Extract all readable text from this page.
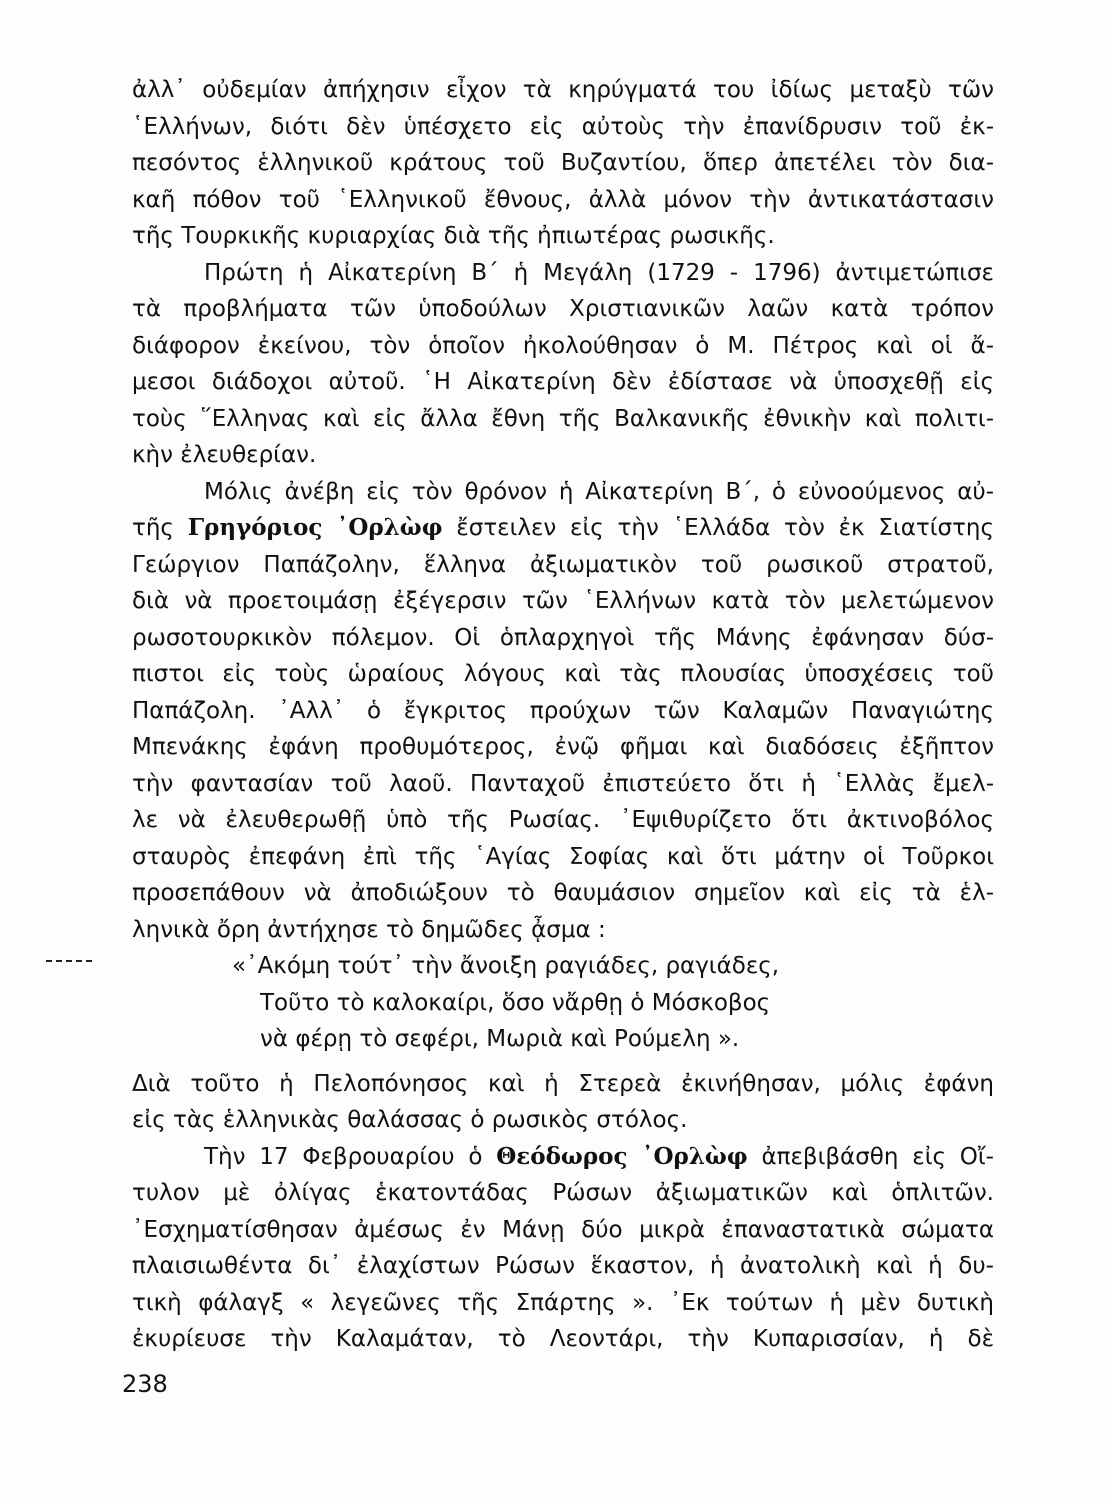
ἀλλ᾽ οὐδεμίαν ἀπήχησιν εἶχον τὰ κηρύγματά του ἰδίως μεταξὺ τῶν
῾Ελλήνων, διότι δὲν ὑπέσχετο εἰς αὐτοὺς τὴν ἐπανίδρυσιν τοῦ ἐκ-
πεσόντος ἑλληνικοῦ κράτους τοῦ Βυζαντίου, ὅπερ ἀπετέλει τὸν δια-
καῆ πόθον τοῦ ῾Ελληνικοῦ ἔθνους, ἀλλὰ μόνον τὴν ἀντικατάστασιν
τῆς Τουρκικῆς κυριαρχίας διὰ τῆς ἠπιωτέρας ρωσικῆς.
Πρώτη ἡ Αἰκατερίνη Β΄ ἡ Μεγάλη (1729 - 1796) ἀντιμετώπισε
τὰ προβλήματα τῶν ὑποδούλων Χριστιανικῶν λαῶν κατὰ τρόπον
διάφορον ἐκείνου, τὸν ὁποῖον ἠκολούθησαν ὁ Μ. Πέτρος καὶ οἱ ἄ-
μεσοι διάδοχοι αὐτοῦ. ῾Η Αἰκατερίνη δὲν ἐδίστασε νὰ ὑποσχεθῇ εἰς
τοὺς ῞Ελληνας καὶ εἰς ἄλλα ἔθνη τῆς Βαλκανικῆς ἐθνικὴν καὶ πολιτι-
κὴν ἐλευθερίαν.
Μόλις ἀνέβη εἰς τὸν θρόνον ἡ Αἰκατερίνη Β΄, ὁ εὐνοούμενος αὐ-
τῆς Γρηγόριος ᾿Ορλὼφ ἔστειλεν εἰς τὴν ῾Ελλάδα τὸν ἐκ Σιατίστης
Γεώργιον Παπάζολην, ἕλληνα ἀξιωματικὸν τοῦ ρωσικοῦ στρατοῦ,
διὰ νὰ προετοιμάσῃ ἐξέγερσιν τῶν ῾Ελλήνων κατὰ τὸν μελετώμενον
ρωσοτουρκικὸν πόλεμον. Οἱ ὁπλαρχηγοὶ τῆς Μάνης ἐφάνησαν δύσ-
πιστοι εἰς τοὺς ὡραίους λόγους καὶ τὰς πλουσίας ὑποσχέσεις τοῦ
Παπάζολη. ᾿Αλλ᾽ ὁ ἔγκριτος προύχων τῶν Καλαμῶν Παναγιώτης
Μπενάκης ἐφάνη προθυμότερος, ἐνῷ φῆμαι καὶ διαδόσεις ἐξῆπτον
τὴν φαντασίαν τοῦ λαοῦ. Πανταχοῦ ἐπιστεύετο ὅτι ἡ ῾Ελλὰς ἔμελ-
λε νὰ ἐλευθερωθῇ ὑπὸ τῆς Ρωσίας. ᾿Εψιθυρίζετο ὅτι ἀκτινοβόλος
σταυρὸς ἐπεφάνη ἐπὶ τῆς ῾Αγίας Σοφίας καὶ ὅτι μάτην οἱ Τοῦρκοι
προσεπάθουν νὰ ἀποδιώξουν τὸ θαυμάσιον σημεῖον καὶ εἰς τὰ ἑλ-
ληνικὰ ὄρη ἀντήχησε τὸ δημῶδες ᾆσμα :
«᾿Ακόμη τούτ᾽ τὴν ἄνοιξη ραγιάδες, ραγιάδες,
Τοῦτο τὸ καλοκαίρι, ὅσο νἄρθῃ ὁ Μόσκοβος
νὰ φέρῃ τὸ σεφέρι, Μωριὰ καὶ Ρούμελη ».
Διὰ τοῦτο ἡ Πελοπόνησος καὶ ἡ Στερεὰ ἐκινήθησαν, μόλις ἐφάνη
εἰς τὰς ἑλληνικὰς θαλάσσας ὁ ρωσικὸς στόλος.
Τὴν 17 Φεβρουαρίου ὁ Θεόδωρος ᾿Ορλὼφ ἀπεβιβάσθη εἰς Οἴ-
τυλον μὲ ὀλίγας ἑκατοντάδας Ρώσων ἀξιωματικῶν καὶ ὁπλιτῶν.
᾿Εσχηματίσθησαν ἀμέσως ἐν Μάνῃ δύο μικρὰ ἐπαναστατικὰ σώματα
πλαισιωθέντα δι᾽ ἐλαχίστων Ρώσων ἕκαστον, ἡ ἀνατολικὴ καὶ ἡ δυ-
τικὴ φάλαγξ « λεγεῶνες τῆς Σπάρτης ». ᾿Εκ τούτων ἡ μὲν δυτικὴ
ἐκυρίευσε τὴν Καλαμάταν, τὸ Λεοντάρι, τὴν Κυπαρισσίαν, ἡ δὲ
238
